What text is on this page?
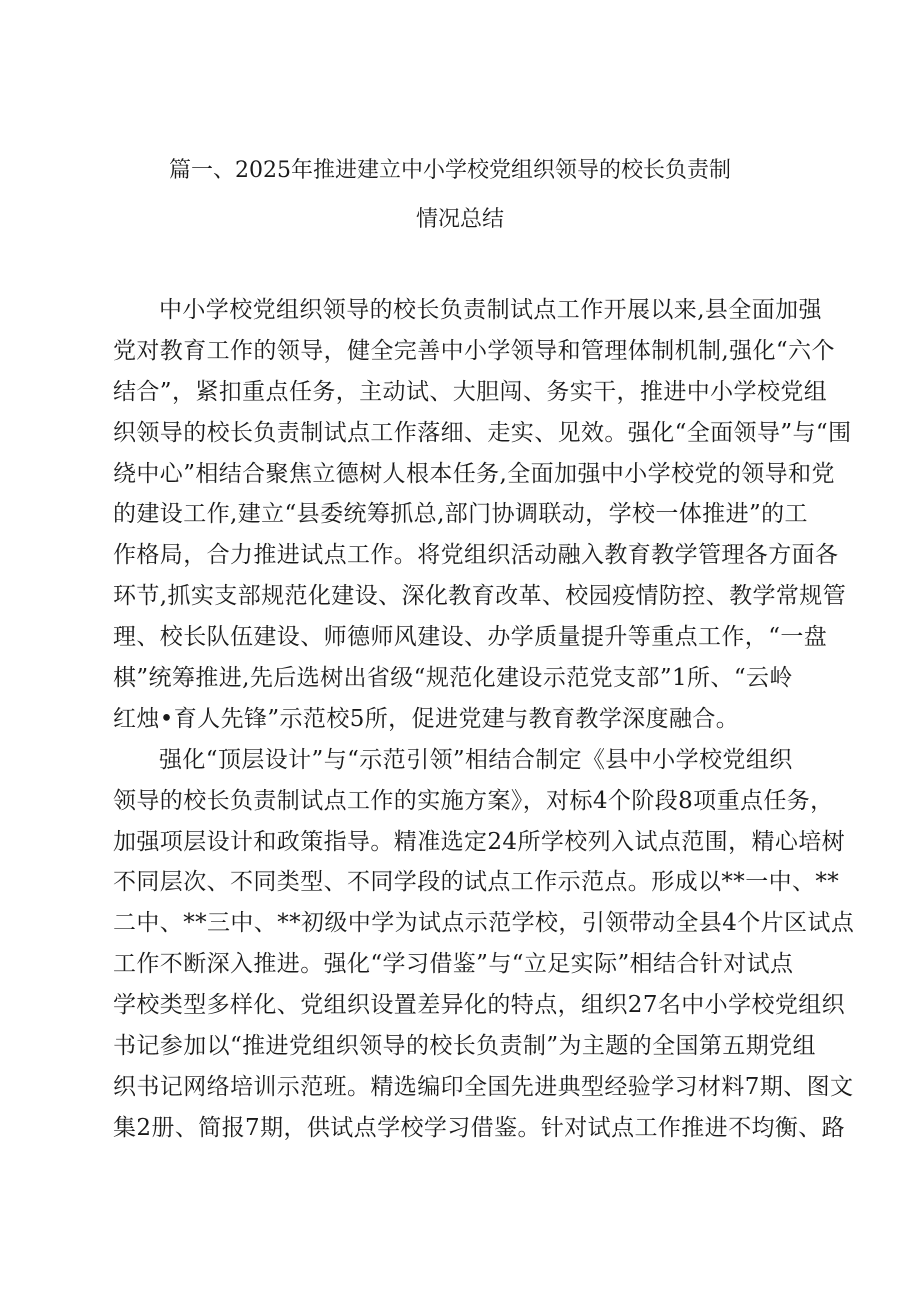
篇一、2025年推进建立中小学校党组织领导的校长负责制
情况总结
中小学校党组织领导的校长负责制试点工作开展以来,县全面加强
党对教育工作的领导，健全完善中小学领导和管理体制机制,强化“六个
结合”，紧扣重点任务，主动试、大胆闯、务实干，推进中小学校党组
织领导的校长负责制试点工作落细、走实、见效。强化“全面领导”与“围
绕中心”相结合聚焦立德树人根本任务,全面加强中小学校党的领导和党
的建设工作,建立“县委统筹抓总,部门协调联动，学校一体推进”的工
作格局，合力推进试点工作。将党组织活动融入教育教学管理各方面各
环节,抓实支部规范化建设、深化教育改革、校园疫情防控、教学常规管
理、校长队伍建设、师德师风建设、办学质量提升等重点工作，“一盘
棋”统筹推进,先后选树出省级“规范化建设示范党支部”1所、“云岭
红烛•育人先锋”示范校5所，促进党建与教育教学深度融合。
强化“顶层设计”与“示范引领”相结合制定《县中小学校党组织
领导的校长负责制试点工作的实施方案》，对标4个阶段8项重点任务，
加强项层设计和政策指导。精准选定24所学校列入试点范围，精心培树
不同层次、不同类型、不同学段的试点工作示范点。形成以**一中、**
二中、**三中、**初级中学为试点示范学校，引领带动全县4个片区试点
工作不断深入推进。强化“学习借鉴”与“立足实际”相结合针对试点
学校类型多样化、党组织设置差异化的特点，组织27名中小学校党组织
书记参加以“推进党组织领导的校长负责制”为主题的全国第五期党组
织书记网络培训示范班。精选编印全国先进典型经验学习材料7期、图文
集2册、简报7期，供试点学校学习借鉴。针对试点工作推进不均衡、路
